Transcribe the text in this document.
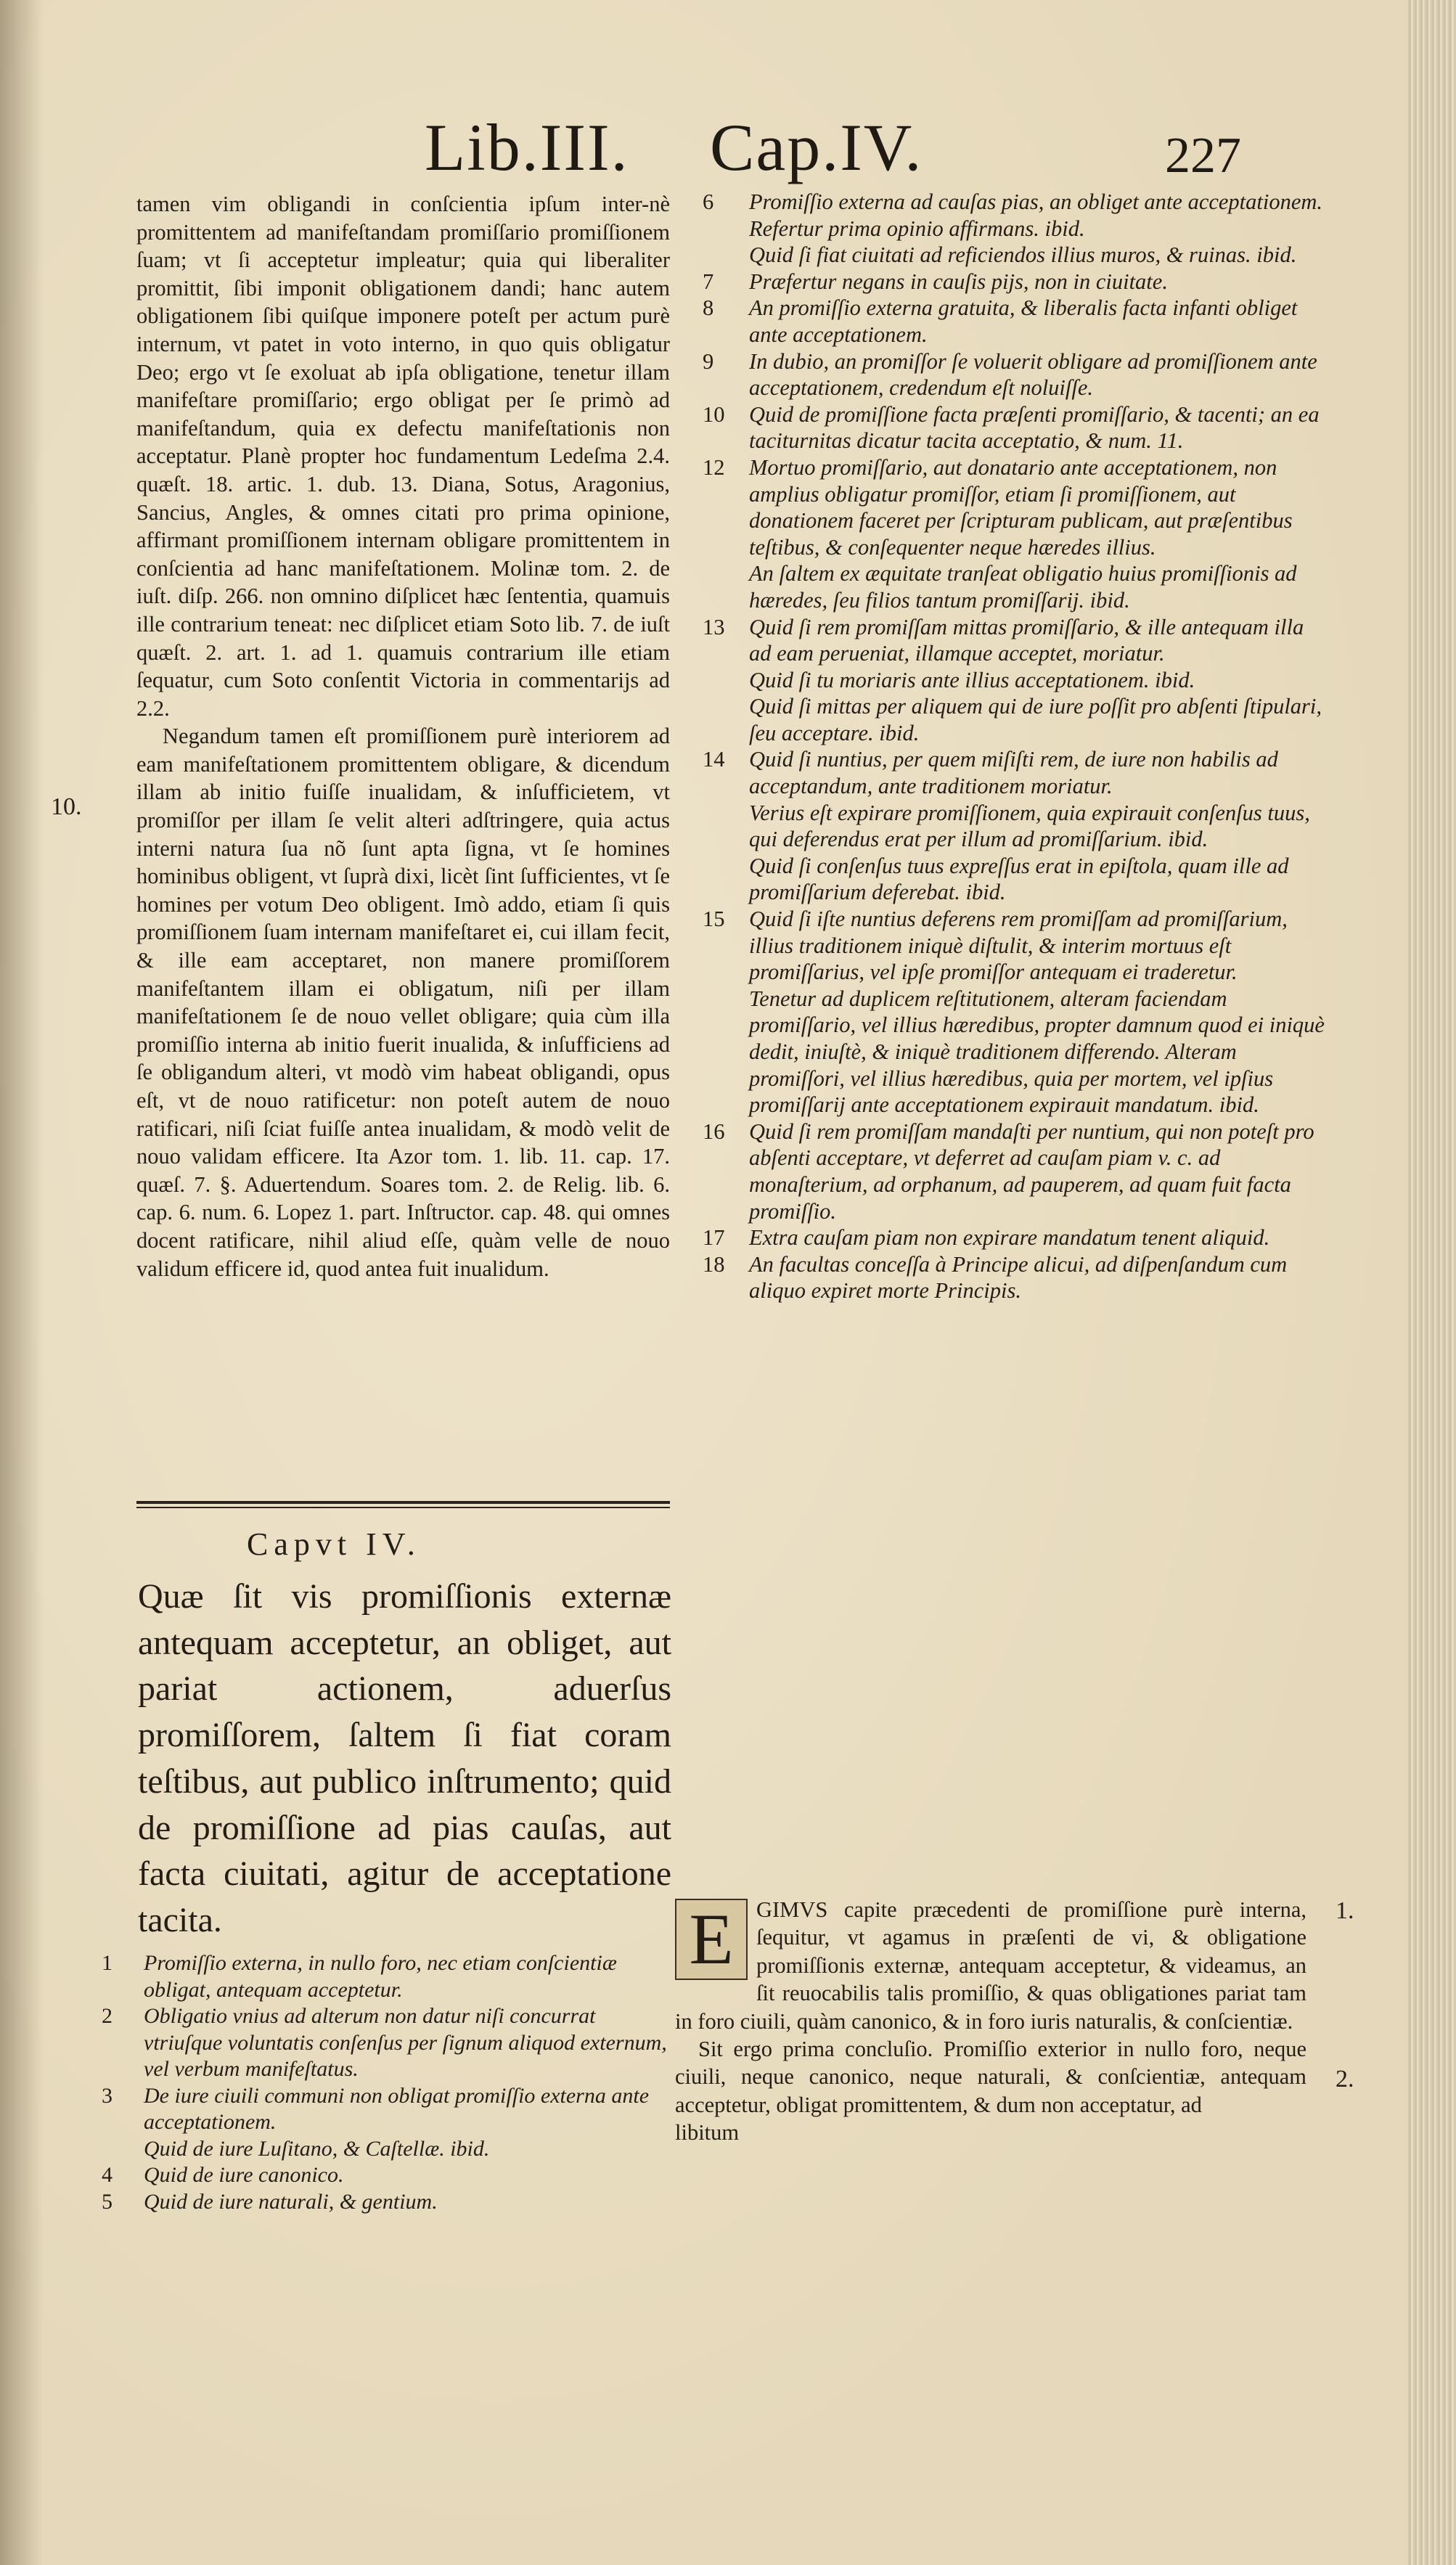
Lib.III. Cap.IV.	227

tamen vim obligandi in conſcientia ipſum inter-nè promittentem ad manifeſtandam promiſſario promiſſionem ſuam; vt ſi acceptetur impleatur; quia qui liberaliter promittit, ſibi imponit obligationem dandi; hanc autem obligationem ſibi quiſque imponere poteſt per actum purè internum, vt patet in voto interno, in quo quis obligatur Deo; ergo vt ſe exoluat ab ipſa obligatione, tenetur illam manifeſtare promiſſario; ergo obligat per ſe primò ad manifeſtandum, quia ex defectu manifeſtationis non acceptatur. Planè propter hoc fundamentum Ledeſma 2.4. quæſt. 18. artic. 1. dub. 13. Diana, Sotus, Aragonius, Sancius, Angles, & omnes citati pro prima opinione, affirmant promiſſionem internam obligare promittentem in conſcientia ad hanc manifeſtationem. Molinæ tom. 2. de iuſt. diſp. 266. non omnino diſplicet hæc ſententia, quamuis ille contrarium teneat: nec diſplicet etiam Soto lib. 7. de iuſt quæſt. 2. art. 1. ad 1. quamuis contrarium ille etiam ſequatur, cum Soto conſentit Victoria in commentarijs ad 2.2.

Negandum tamen eſt promiſſionem purè interiorem ad eam manifeſtationem promittentem obligare, & dicendum illam ab initio fuiſſe inualidam, & inſufficietem, vt promiſſor per illam ſe velit alteri adſtringere, quia actus interni natura ſua nõ ſunt apta ſigna, vt ſe homines hominibus obligent, vt ſuprà dixi, licèt ſint ſufficientes, vt ſe homines per votum Deo obligent. Imò addo, etiam ſi quis promiſſionem ſuam internam manifeſtaret ei, cui illam fecit, & ille eam acceptaret, non manere promiſſorem manifeſtantem illam ei obligatum, niſi per illam manifeſtationem ſe de nouo vellet obligare; quia cùm illa promiſſio interna ab initio fuerit inualida, & inſufficiens ad ſe obligandum alteri, vt modò vim habeat obligandi, opus eſt, vt de nouo ratificetur: non poteſt autem de nouo ratificari, niſi ſciat fuiſſe antea inualidam, & modò velit de nouo validam efficere. Ita Azor tom. 1. lib. 11. cap. 17. quæſ. 7. §. Aduertendum. Soares tom. 2. de Relig. lib. 6. cap. 6. num. 6. Lopez 1. part. Inſtructor. cap. 48. qui omnes docent ratificare, nihil aliud eſſe, quàm velle de nouo validum efficere id, quod antea fuit inualidum.

10.
Capvt IV.
Quæ ſit vis promiſſionis externæ antequam acceptetur, an obliget, aut pariat actionem, aduerſus promiſſorem, ſaltem ſi fiat coram teſtibus, aut publico inſtrumento; quid de promiſſione ad pias cauſas, aut facta ciuitati, agitur de acceptatione tacita.
1	Promiſſio externa, in nullo foro, nec etiam conſcientiæ obligat, antequam acceptetur.
2	Obligatio vnius ad alterum non datur niſi concurrat vtriuſque voluntatis conſenſus per ſignum aliquod externum, vel verbum manifeſtatus.
3	De iure ciuili communi non obligat promiſſio externa ante acceptationem.
Quid de iure Luſitano, & Caſtellæ. ibid.
4	Quid de iure canonico.
5	Quid de iure naturali, & gentium.
6	Promiſſio externa ad cauſas pias, an obliget ante acceptationem.
Refertur prima opinio affirmans. ibid.
Quid ſi fiat ciuitati ad reficiendos illius muros, & ruinas. ibid.
7	Præfertur negans in cauſis pijs, non in ciuitate.
8	An promiſſio externa gratuita, & liberalis facta infanti obliget ante acceptationem.
9	In dubio, an promiſſor ſe voluerit obligare ad promiſſionem ante acceptationem, credendum eſt noluiſſe.
10	Quid de promiſſione facta præſenti promiſſario, & tacenti; an ea taciturnitas dicatur tacita acceptatio, & num. 11.
12	Mortuo promiſſario, aut donatario ante acceptationem, non amplius obligatur promiſſor, etiam ſi promiſſionem, aut donationem faceret per ſcripturam publicam, aut præſentibus teſtibus, & conſequenter neque hæredes illius.
An ſaltem ex æquitate tranſeat obligatio huius promiſſionis ad hæredes, ſeu filios tantum promiſſarij. ibid.
13	Quid ſi rem promiſſam mittas promiſſario, & ille antequam illa ad eam perueniat, illamque acceptet, moriatur.
Quid ſi tu moriaris ante illius acceptationem. ibid.
Quid ſi mittas per aliquem qui de iure poſſit pro abſenti ſtipulari, ſeu acceptare. ibid.
14	Quid ſi nuntius, per quem miſiſti rem, de iure non habilis ad acceptandum, ante traditionem moriatur.
Verius eſt expirare promiſſionem, quia expirauit conſenſus tuus, qui deferendus erat per illum ad promiſſarium. ibid.
Quid ſi conſenſus tuus expreſſus erat in epiſtola, quam ille ad promiſſarium deferebat. ibid.
15	Quid ſi iſte nuntius deferens rem promiſſam ad promiſſarium, illius traditionem iniquè diſtulit, & interim mortuus eſt promiſſarius, vel ipſe promiſſor antequam ei traderetur.
Tenetur ad duplicem reſtitutionem, alteram faciendam promiſſario, vel illius hæredibus, propter damnum quod ei iniquè dedit, iniuſtè, & iniquè traditionem differendo. Alteram promiſſori, vel illius hæredibus, quia per mortem, vel ipſius promiſſarij ante acceptationem expirauit mandatum. ibid.
16	Quid ſi rem promiſſam mandaſti per nuntium, qui non poteſt pro abſenti acceptare, vt deferret ad cauſam piam v. c. ad monaſterium, ad orphanum, ad pauperem, ad quam fuit facta promiſſio.
17	Extra cauſam piam non expirare mandatum tenent aliquid.
18	An facultas conceſſa à Principe alicui, ad diſpenſandum cum aliquo expiret morte Principis.

E	GIMVS capite præcedenti de promiſſione purè interna, ſequitur, vt agamus in præſenti de vi, & obligatione promiſſionis externæ, antequam acceptetur, & videamus, an ſit reuocabilis talis promiſſio, & quas obligationes pariat tam in foro ciuili, quàm canonico, & in foro iuris naturalis, & conſcientiæ.

Sit ergo prima concluſio. Promiſſio exterior in nullo foro, neque ciuili, neque canonico, neque naturali, & conſcientiæ, antequam acceptetur, obligat promittentem, & dum non acceptatur, ad

libitum

1.
2.
